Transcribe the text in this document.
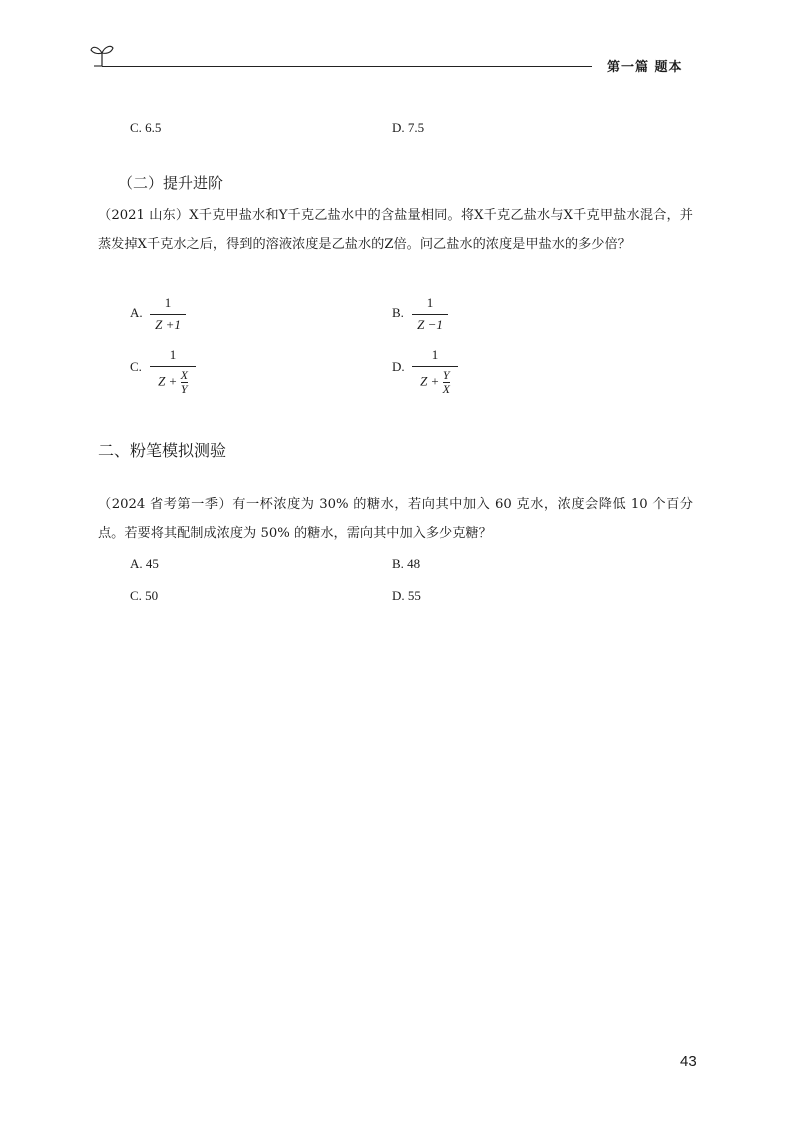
第一篇 题本
C. 6.5	D. 7.5
（二）提升进阶
（2021 山东）X千克甲盐水和Y千克乙盐水中的含盐量相同。将X千克乙盐水与X千克甲盐水混合，并蒸发掉X千克水之后，得到的溶液浓度是乙盐水的Z倍。问乙盐水的浓度是甲盐水的多少倍？
A.
1
Z +1
B.
1
Z −1
C.
1
$Z + \frac{X}{Y}$
D.
1
$Z + \frac{Y}{X}$
二、粉笔模拟测验
（2024 省考第一季）有一杯浓度为 30% 的糖水，若向其中加入 60 克水，浓度会降低 10 个百分点。若要将其配制成浓度为 50% 的糖水，需向其中加入多少克糖？
A. 45	B. 48
C. 50	D. 55
43
